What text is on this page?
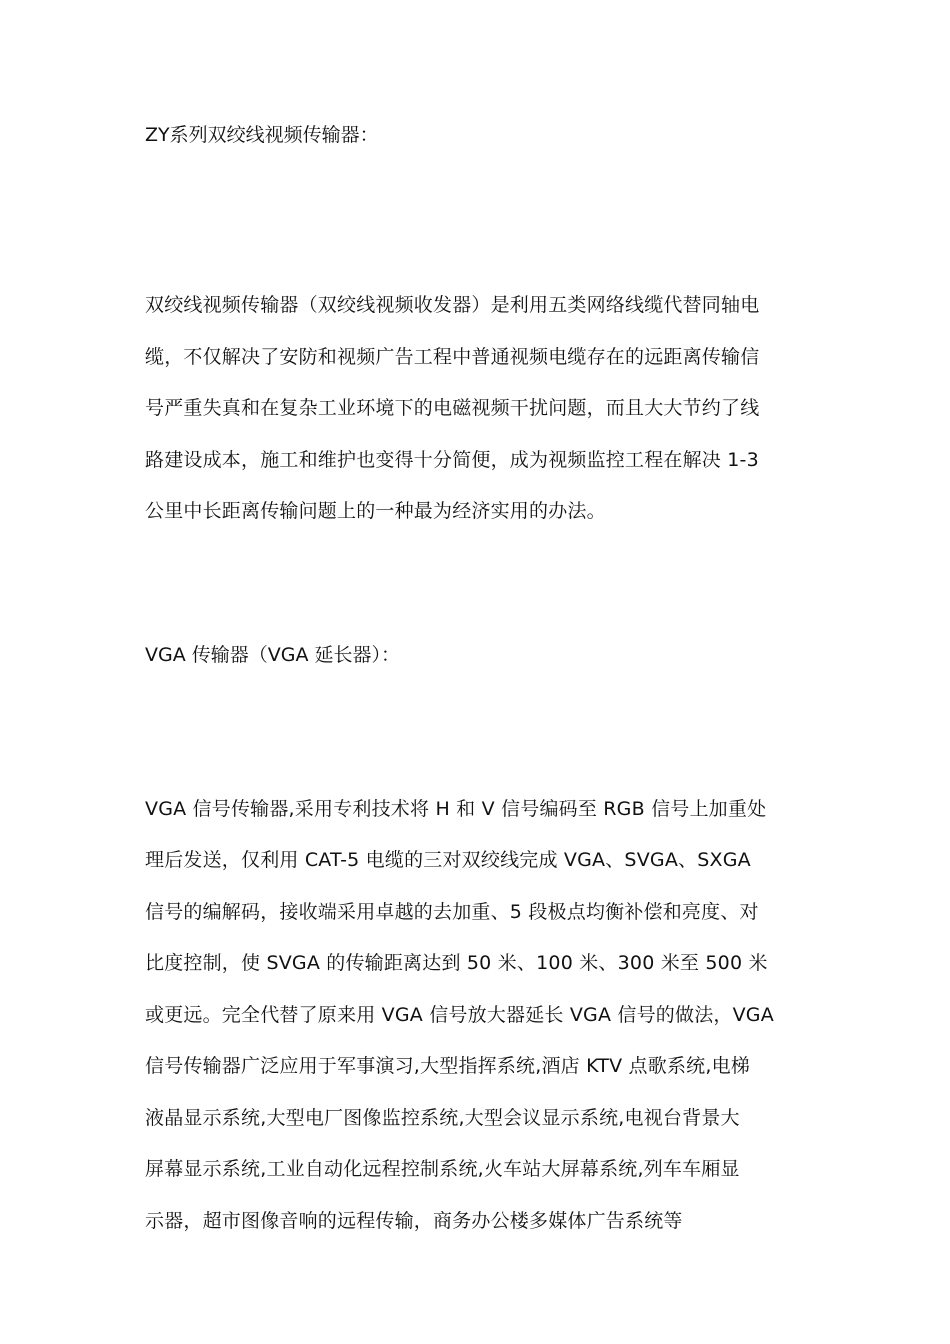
ZY系列双绞线视频传输器：

双绞线视频传输器（双绞线视频收发器）是利用五类网络线缆代替同轴电
缆，不仅解决了安防和视频广告工程中普通视频电缆存在的远距离传输信
号严重失真和在复杂工业环境下的电磁视频干扰问题，而且大大节约了线
路建设成本，施工和维护也变得十分简便，成为视频监控工程在解决 1-3
公里中长距离传输问题上的一种最为经济实用的办法。

VGA 传输器（VGA 延长器）：

VGA 信号传输器,采用专利技术将 H 和 V 信号编码至 RGB 信号上加重处
理后发送，仅利用 CAT-5 电缆的三对双绞线完成 VGA、SVGA、SXGA
信号的编解码，接收端采用卓越的去加重、5 段极点均衡补偿和亮度、对
比度控制，使 SVGA 的传输距离达到 50 米、100 米、300 米至 500 米
或更远。完全代替了原来用 VGA 信号放大器延长 VGA 信号的做法，VGA
信号传输器广泛应用于军事演习,大型指挥系统,酒店 KTV 点歌系统,电梯
液晶显示系统,大型电厂图像监控系统,大型会议显示系统,电视台背景大
屏幕显示系统,工业自动化远程控制系统,火车站大屏幕系统,列车车厢显
示器，超市图像音响的远程传输，商务办公楼多媒体广告系统等
